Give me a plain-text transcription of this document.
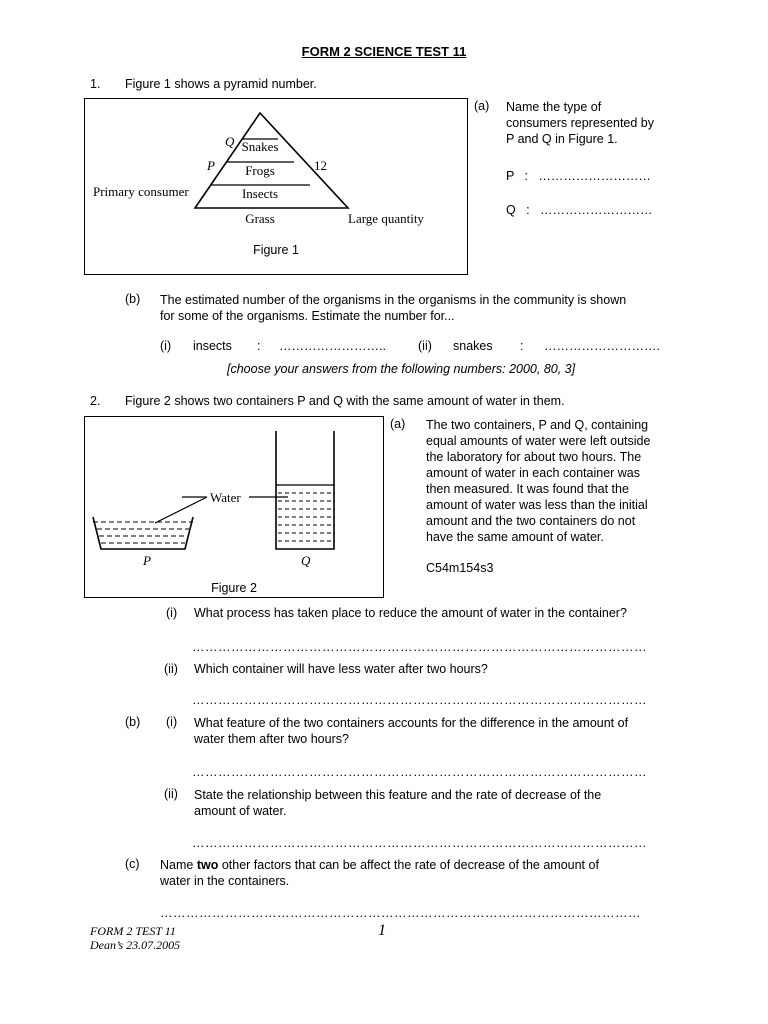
FORM 2 SCIENCE TEST 11
1. Figure 1 shows a pyramid number.
Snakes
Frogs
Insects
Grass
Q
P	12
Primary consumer
Large quantity
Figure 1
(a) Name the type of
consumers represented by
P and Q in Figure 1.
P   :   ………………………
Q   :   ………………………
(b) The estimated number of the organisms in the organisms in the community is shown
for some of the organisms. Estimate the number for...
(i) insects : ……………………..	(ii) snakes : ……………………….
[choose your answers from the following numbers: 2000, 80, 3]
2. Figure 2 shows two containers P and Q with the same amount of water in them.
Water
P	Q
Figure 2
(a) The two containers, P and Q, containing
equal amounts of water were left outside
the laboratory for about two hours. The
amount of water in each container was
then measured. It was found that the
amount of water was less than the initial
amount and the two containers do not
have the same amount of water.
C54m154s3
(i) What process has taken place to reduce the amount of water in the container?
……………………………………………………………………………………………
(ii) Which container will have less water after two hours?
……………………………………………………………………………………………
(b) (i) What feature of the two containers accounts for the difference in the amount of
water them after two hours?
……………………………………………………………………………………………
(ii) State the relationship between this feature and the rate of decrease of the
amount of water.
……………………………………………………………………………………………
(c) Name two other factors that can be affect the rate of decrease of the amount of
water in the containers.
…………………………………………………………………………………………………
FORM 2 TEST 11
Dean’s 23.07.2005
1
